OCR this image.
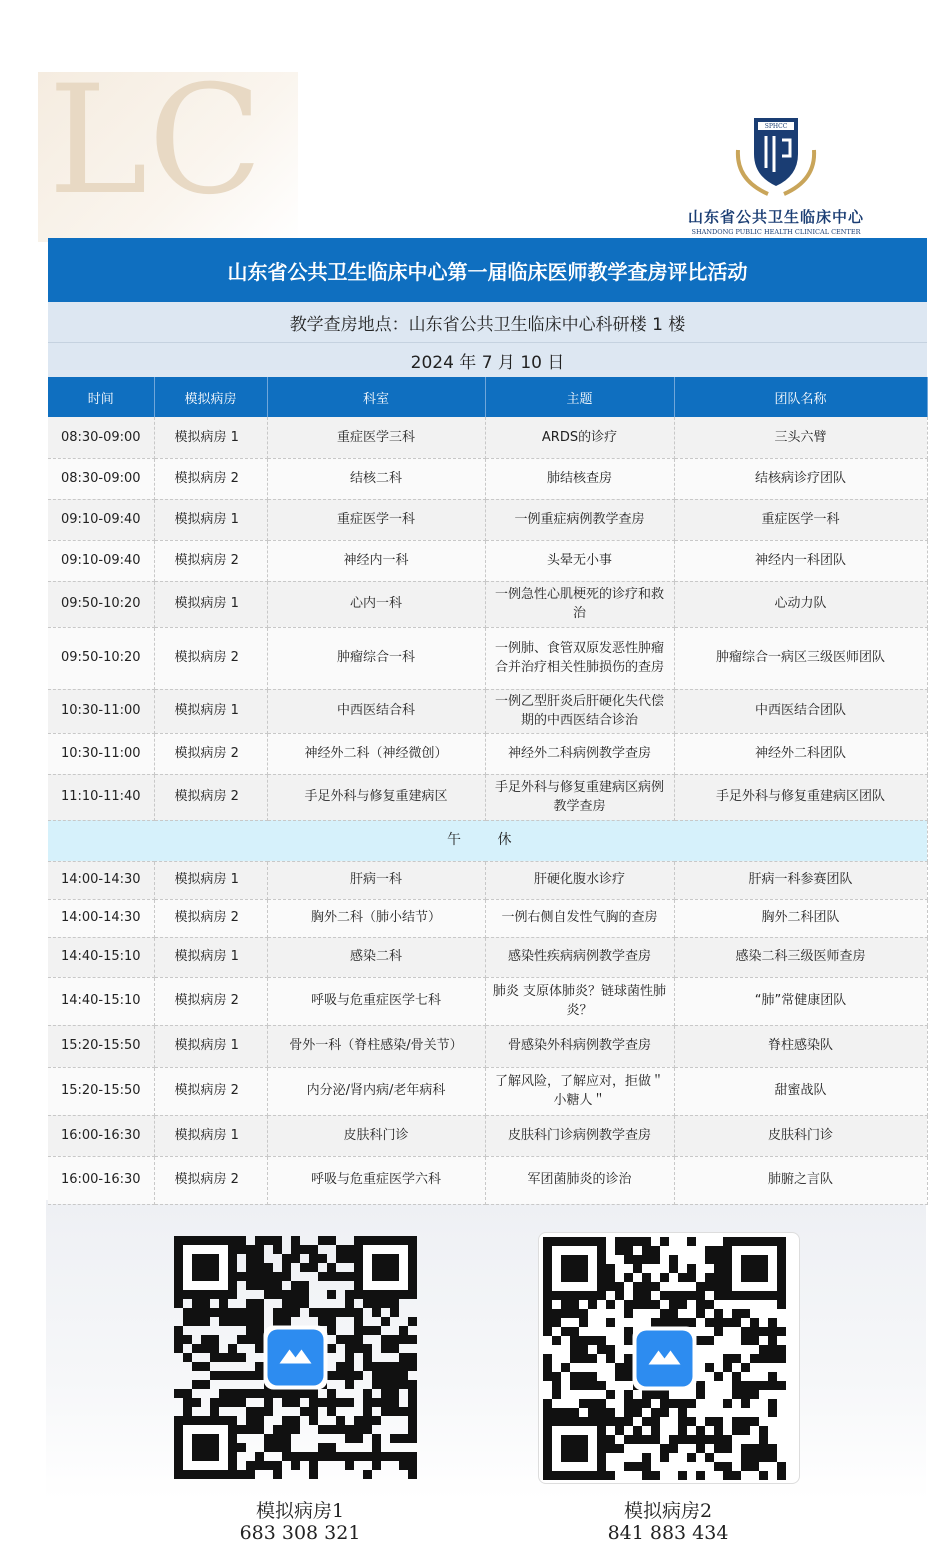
L C	SPHCC
山东省公共卫生临床中心
SHANDONG PUBLIC HEALTH CLINICAL CENTER
山东省公共卫生临床中心第一届临床医师教学查房评比活动
教学查房地点：山东省公共卫生临床中心科研楼 1 楼
2024 年 7 月 10 日
时间	模拟病房	科室	主题	团队名称
08:30-09:00	模拟病房 1	重症医学三科	ARDS的诊疗	三头六臂
08:30-09:00	模拟病房 2	结核二科	肺结核查房	结核病诊疗团队
09:10-09:40	模拟病房 1	重症医学一科	一例重症病例教学查房	重症医学一科
09:10-09:40	模拟病房 2	神经内一科	头晕无小事	神经内一科团队
09:50-10:20	模拟病房 1	心内一科	一例急性心肌梗死的诊疗和救治	心动力队
09:50-10:20	模拟病房 2	肿瘤综合一科	一例肺、食管双原发恶性肿瘤合并治疗相关性肺损伤的查房	肿瘤综合一病区三级医师团队
10:30-11:00	模拟病房 1	中西医结合科	一例乙型肝炎后肝硬化失代偿期的中西医结合诊治	中西医结合团队
10:30-11:00	模拟病房 2	神经外二科（神经微创）	神经外二科病例教学查房	神经外二科团队
11:10-11:40	模拟病房 2	手足外科与修复重建病区	手足外科与修复重建病区病例教学查房	手足外科与修复重建病区团队
午 休				
14:00-14:30	模拟病房 1	肝病一科	肝硬化腹水诊疗	肝病一科参赛团队
14:00-14:30	模拟病房 2	胸外二科（肺小结节）	一例右侧自发性气胸的查房	胸外二科团队
14:40-15:10	模拟病房 1	感染二科	感染性疾病病例教学查房	感染二科三级医师查房
14:40-15:10	模拟病房 2	呼吸与危重症医学七科	肺炎 支原体肺炎？链球菌性肺炎？	“肺”常健康团队
15:20-15:50	模拟病房 1	骨外一科（脊柱感染/骨关节）	骨感染外科病例教学查房	脊柱感染队
15:20-15:50	模拟病房 2	内分泌/肾内病/老年病科	了解风险，了解应对，拒做＂小糖人＂	甜蜜战队
16:00-16:30	模拟病房 1	皮肤科门诊	皮肤科门诊病例教学查房	皮肤科门诊
16:00-16:30	模拟病房 2	呼吸与危重症医学六科	军团菌肺炎的诊治	肺腑之言队
模拟病房1
683 308 321
模拟病房2
841 883 434
